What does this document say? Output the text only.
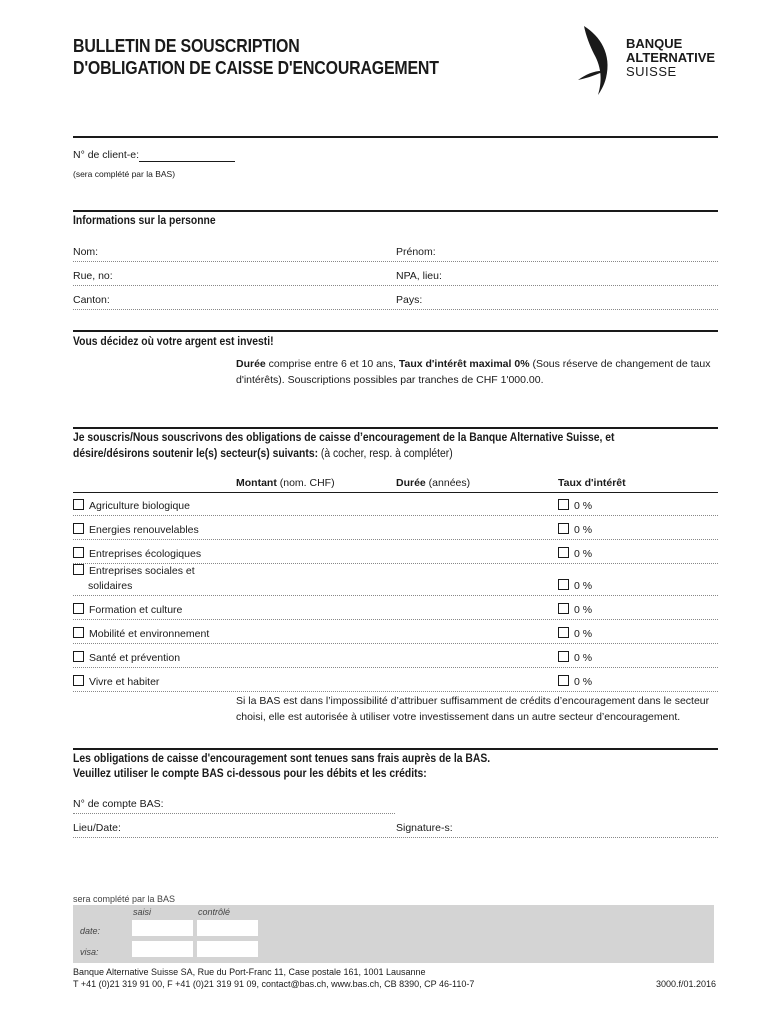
BULLETIN DE SOUSCRIPTION
D'OBLIGATION DE CAISSE D'ENCOURAGEMENT
BANQUE
ALTERNATIVE
SUISSE
N° de client-e:
(sera complété par la BAS)
Informations sur la personne
Nom:	Prénom:
Rue, no:	NPA, lieu:
Canton:	Pays:
Vous décidez où votre argent est investi!
Durée comprise entre 6 et 10 ans, Taux d'intérêt maximal 0% (Sous réserve de changement de taux d'intérêts). Souscriptions possibles par tranches de CHF 1'000.00.
Je souscris/Nous souscrivons des obligations de caisse d’encouragement de la Banque Alternative Suisse, et
désire/désirons soutenir le(s) secteur(s) suivants: (à cocher, resp. à compléter)
Montant (nom. CHF)	Durée (années)	Taux d'intérêt
Agriculture biologique	0 %
Energies renouvelables	0 %
Entreprises écologiques	0 %
Entreprises sociales et
solidaires	0 %
Formation et culture	0 %
Mobilité et environnement	0 %
Santé et prévention	0 %
Vivre et habiter	0 %
Si la BAS est dans l’impossibilité d’attribuer suffisamment de crédits d’encouragement dans le secteur
choisi, elle est autorisée à utiliser votre investissement dans un autre secteur d’encouragement.
Les obligations de caisse d'encouragement sont tenues sans frais auprès de la BAS.
Veuillez utiliser le compte BAS ci-dessous pour les débits et les crédits:
N° de compte BAS:
Lieu/Date:	Signature-s:
sera complété par la BAS
saisi	contrôlé
date:
visa:
Banque Alternative Suisse SA, Rue du Port-Franc 11, Case postale 161, 1001 Lausanne
T +41 (0)21 319 91 00, F +41 (0)21 319 91 09, contact@bas.ch, www.bas.ch, CB 8390, CP 46-110-7	3000.f/01.2016
